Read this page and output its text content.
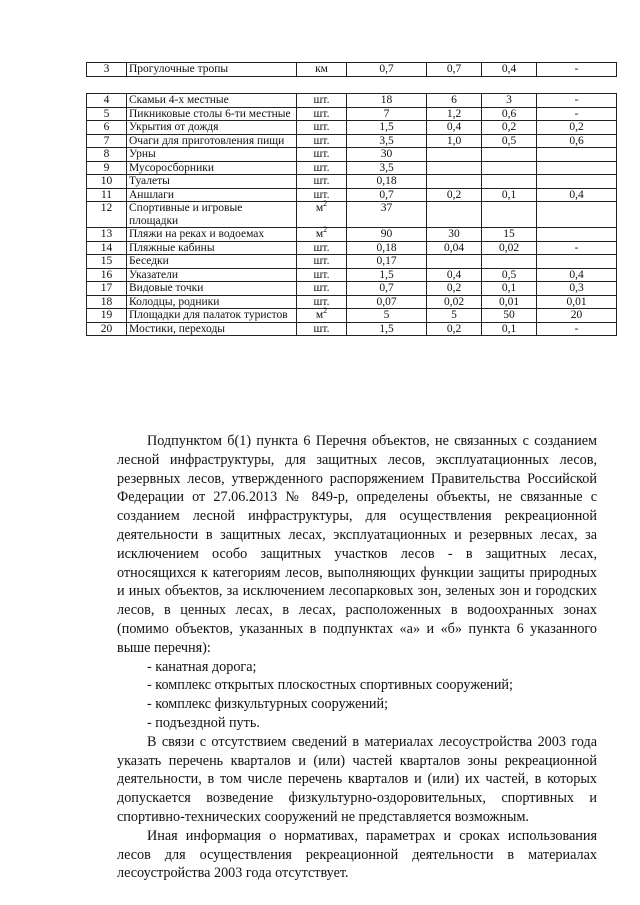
3	Прогулочные тропы	км	0,7	0,7	0,4	-
4	Скамьи 4-х местные	шт.	18	6	3	-
5	Пикниковые столы 6-ти местные	шт.	7	1,2	0,6	-
6	Укрытия от дождя	шт.	1,5	0,4	0,2	0,2
7	Очаги для приготовления пищи	шт.	3,5	1,0	0,5	0,6
8	Урны	шт.	30			
9	Мусоросборники	шт.	3,5			
10	Туалеты	шт.	0,18			
11	Аншлаги	шт.	0,7	0,2	0,1	0,4
12	Спортивные и игровые площадки	$м^2$	37			
13	Пляжи на реках и водоемах	$м^2$	90	30	15	
14	Пляжные кабины	шт.	0,18	0,04	0,02	-
15	Беседки	шт.	0,17			
16	Указатели	шт.	1,5	0,4	0,5	0,4
17	Видовые точки	шт.	0,7	0,2	0,1	0,3
18	Колодцы, родники	шт.	0,07	0,02	0,01	0,01
19	Площадки для палаток туристов	$м^2$	5	5	50	20
20	Мостики, переходы	шт.	1,5	0,2	0,1	-

Подпунктом б(1) пункта 6 Перечня объектов, не связанных с созданием лесной инфраструктуры, для защитных лесов, эксплуатационных лесов, резервных лесов, утвержденного распоряжением Правительства Российской Федерации от 27.06.2013 № 849-р, определены объекты, не связанные с созданием лесной инфраструктуры, для осуществления рекреационной деятельности в защитных лесах, эксплуатационных и резервных лесах, за исключением особо защитных участков лесов - в защитных лесах, относящихся к категориям лесов, выполняющих функции защиты природных и иных объектов, за исключением лесопарковых зон, зеленых зон и городских лесов, в ценных лесах, в лесах, расположенных в водоохранных зонах (помимо объектов, указанных в подпунктах «а» и «б» пункта 6 указанного выше перечня):

- канатная дорога;
- комплекс открытых плоскостных спортивных сооружений;
- комплекс физкультурных сооружений;
- подъездной путь.

В связи с отсутствием сведений в материалах лесоустройства 2003 года указать перечень кварталов и (или) частей кварталов зоны рекреационной деятельности, в том числе перечень кварталов и (или) их частей, в которых допускается возведение физкультурно-оздоровительных, спортивных и спортивно-технических сооружений не представляется возможным.

Иная информация о нормативах, параметрах и сроках использования лесов для осуществления рекреационной деятельности в материалах лесоустройства 2003 года отсутствует.
